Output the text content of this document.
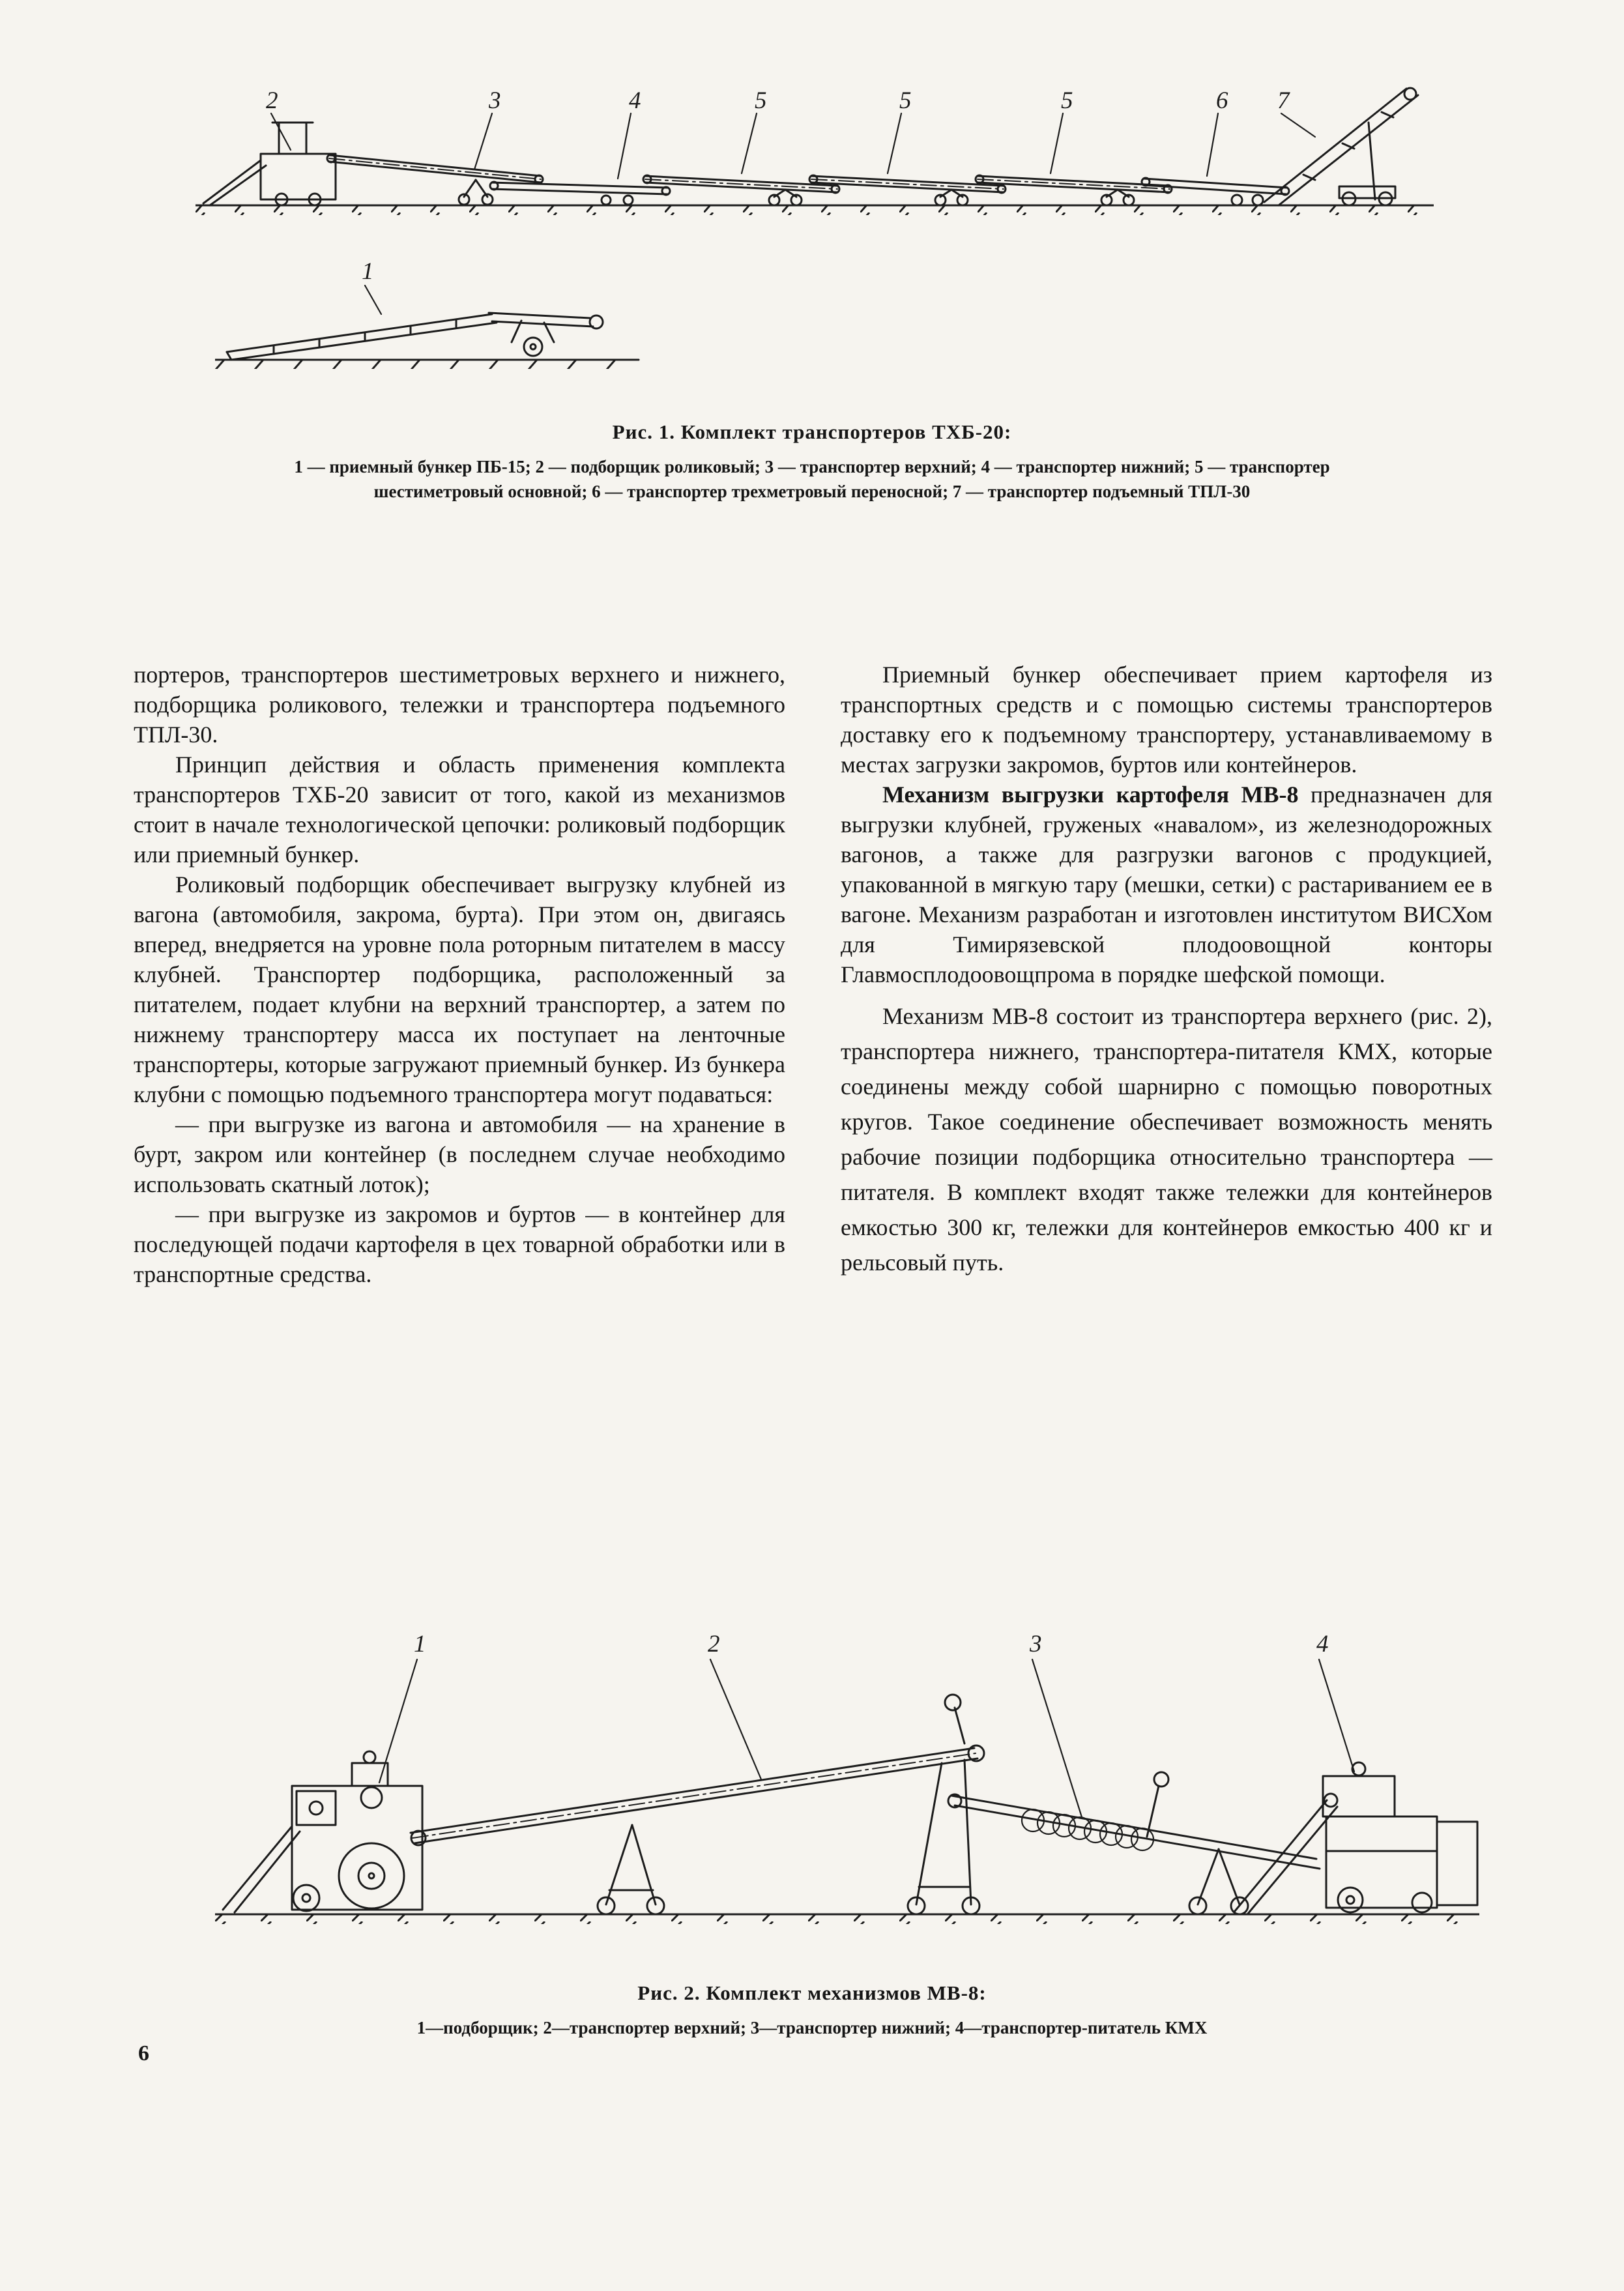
2	3	4	5	5	5	6 7
1
Рис. 1. Комплект транспортеров ТХБ-20:
1 — приемный бункер ПБ-15; 2 — подборщик роликовый; 3 — транспортер верхний; 4 — транспортер нижний; 5 — транспортер шестиметровый основной; 6 — транспортер трехметровый переносной; 7 — транспортер подъемный ТПЛ-30

портеров, транспортеров шестиметровых верхнего и нижнего, подборщика роликового, тележки и транспортера подъемного ТПЛ-30.

Принцип действия и область применения комплекта транспортеров ТХБ-20 зависит от того, какой из механизмов стоит в начале технологической цепочки: роликовый подборщик или приемный бункер.

Роликовый подборщик обеспечивает выгрузку клубней из вагона (автомобиля, закрома, бурта). При этом он, двигаясь вперед, внедряется на уровне пола роторным питателем в массу клубней. Транспортер подборщика, расположенный за питателем, подает клубни на верхний транспортер, а затем по нижнему транспортеру масса их поступает на ленточные транспортеры, которые загружают приемный бункер. Из бункера клубни с помощью подъемного транспортера могут подаваться:

— при выгрузке из вагона и автомобиля — на хранение в бурт, закром или контейнер (в последнем случае необходимо использовать скатный лоток);

— при выгрузке из закромов и буртов — в контейнер для последующей подачи картофеля в цех товарной обработки или в транспортные средства.

Приемный бункер обеспечивает прием картофеля из транспортных средств и с помощью системы транспортеров доставку его к подъемному транспортеру, устанавливаемому в местах загрузки закромов, буртов или контейнеров.

Механизм выгрузки картофеля МВ-8 предназначен для выгрузки клубней, груженых «навалом», из железнодорожных вагонов, а также для разгрузки вагонов с продукцией, упакованной в мягкую тару (мешки, сетки) с растариванием ее в вагоне. Механизм разработан и изготовлен институтом ВИСХом для Тимирязевской плодоовощной конторы Главмосплодоовощпрома в порядке шефской помощи.

Механизм МВ-8 состоит из транспортера верхнего (рис. 2), транспортера нижнего, транспортера-питателя КМХ, которые соединены между собой шарнирно с помощью поворотных кругов. Такое соединение обеспечивает возможность менять рабочие позиции подборщика относительно транспортера — питателя. В комплект входят также тележки для контейнеров емкостью 300 кг, тележки для контейнеров емкостью 400 кг и рельсовый путь.

1	2	3	4
Рис. 2. Комплект механизмов МВ-8:
1—подборщик; 2—транспортер верхний; 3—транспортер нижний; 4—транспортер-питатель КМХ
6
